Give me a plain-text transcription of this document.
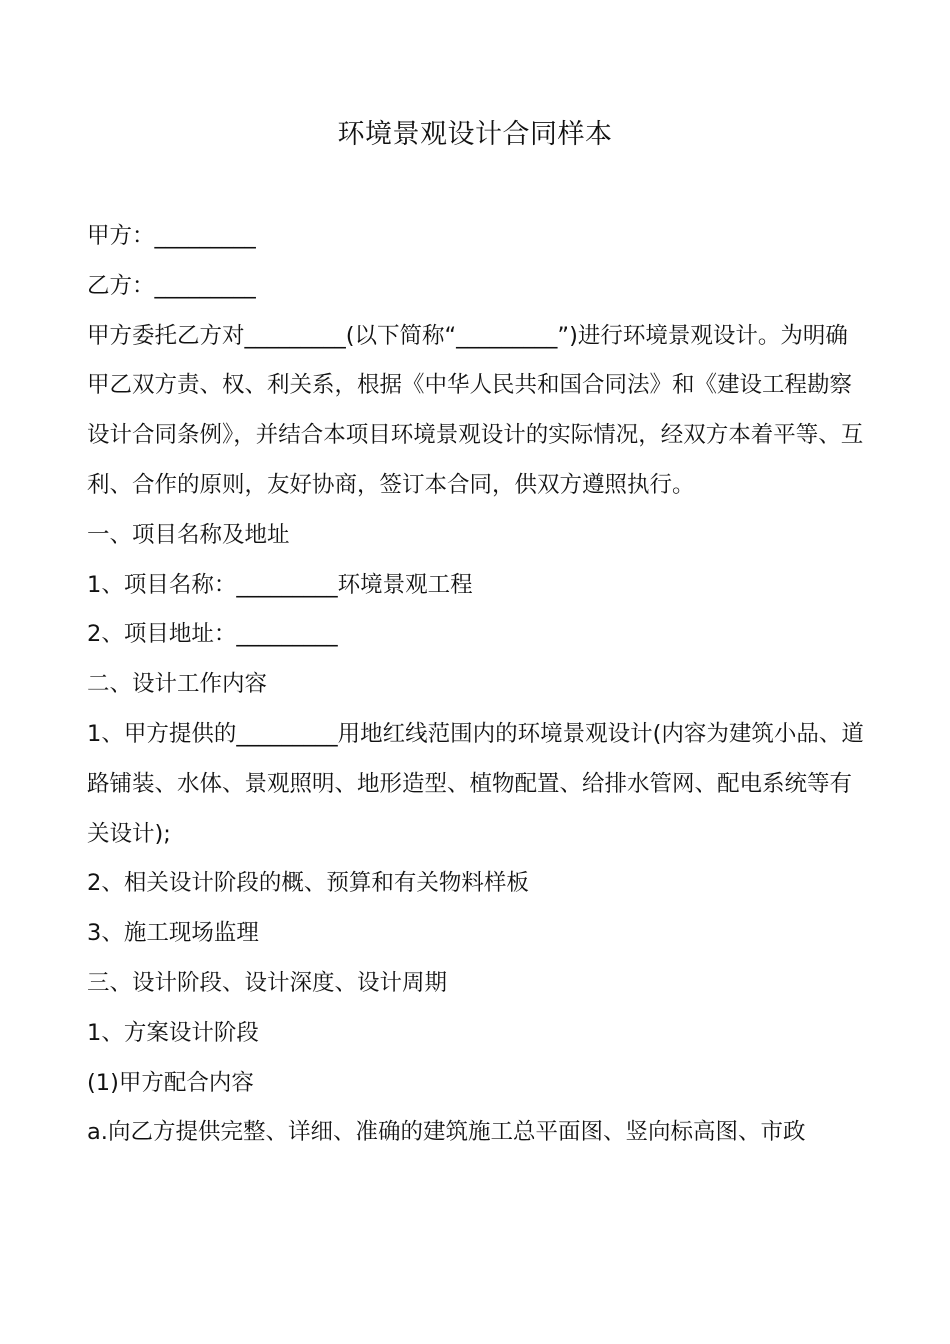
环境景观设计合同样本

甲方：_________

乙方：_________

甲方委托乙方对_________(以下简称“_________”)进行环境景观设计。为明确甲乙双方责、权、利关系，根据《中华人民共和国合同法》和《建设工程勘察设计合同条例》，并结合本项目环境景观设计的实际情况，经双方本着平等、互利、合作的原则，友好协商，签订本合同，供双方遵照执行。

一、项目名称及地址

1、项目名称：_________环境景观工程

2、项目地址：_________

二、设计工作内容

1、甲方提供的_________用地红线范围内的环境景观设计(内容为建筑小品、道路铺装、水体、景观照明、地形造型、植物配置、给排水管网、配电系统等有关设计);

2、相关设计阶段的概、预算和有关物料样板

3、施工现场监理

三、设计阶段、设计深度、设计周期

1、方案设计阶段

(1)甲方配合内容

a.向乙方提供完整、详细、准确的建筑施工总平面图、竖向标高图、市政
